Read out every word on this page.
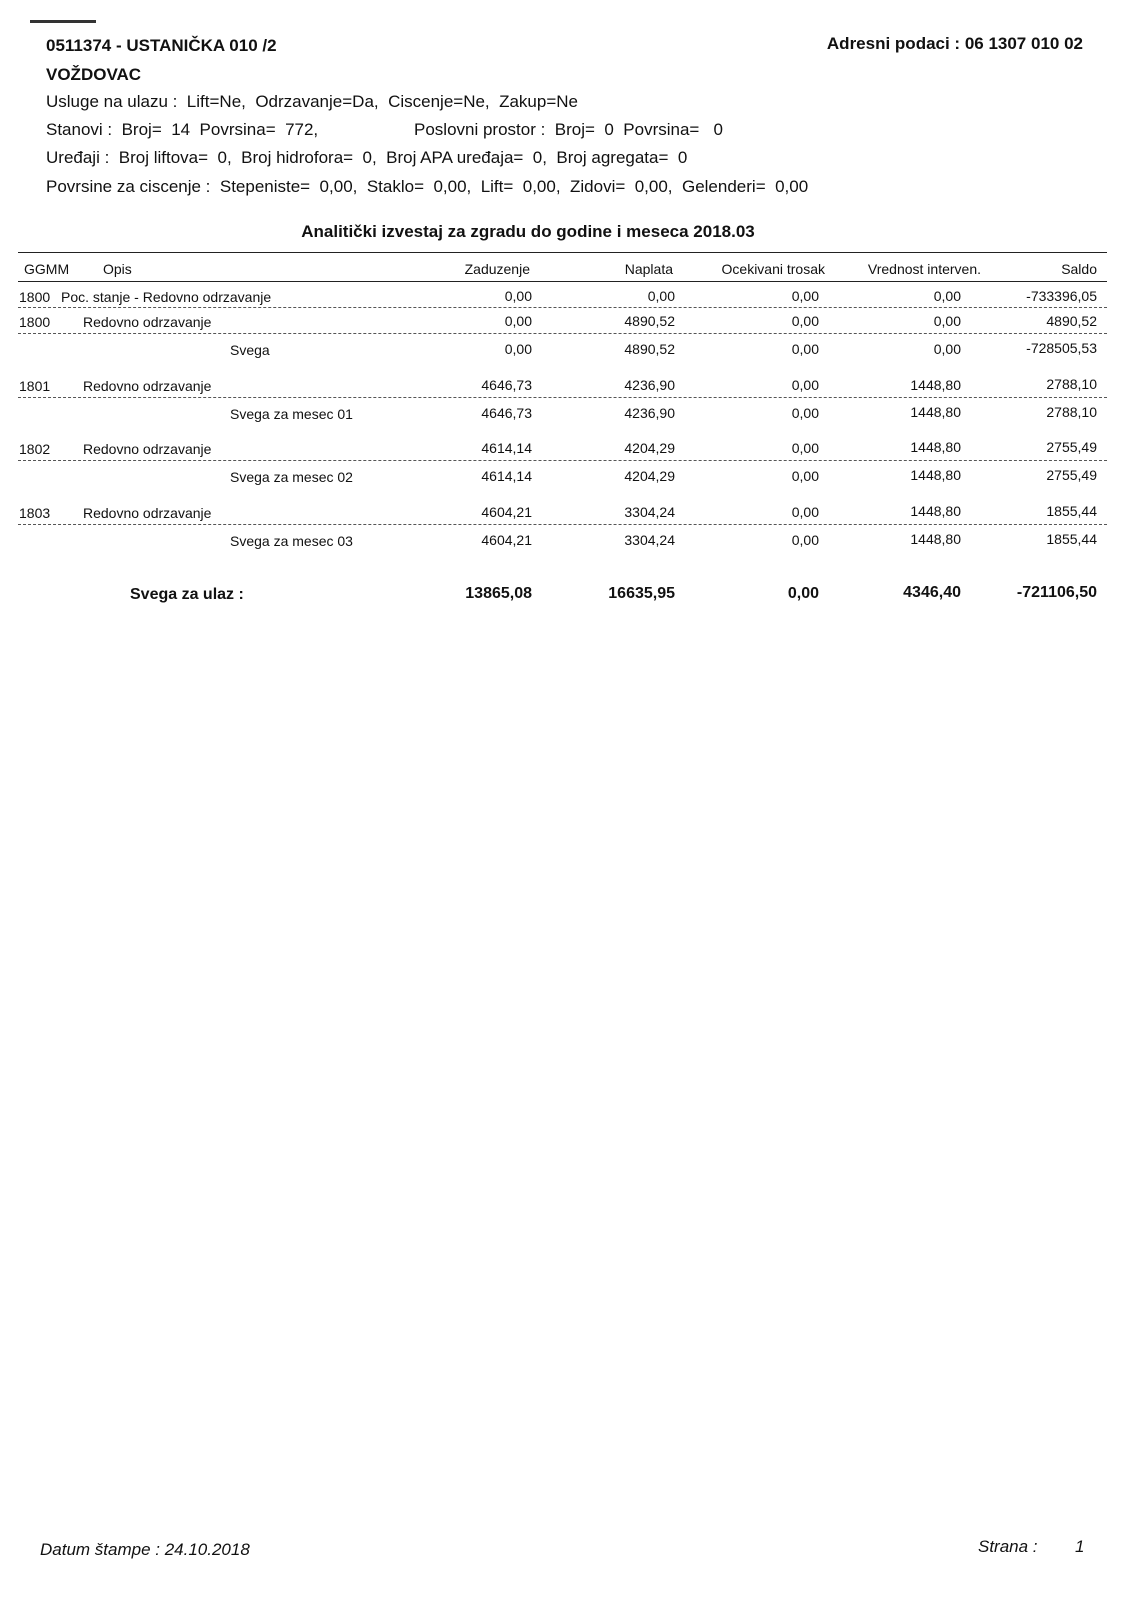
0511374 - USTANIČKA 010 /2	Adresni podaci : 06 1307 010 02
VOŽDOVAC
Usluge na ulazu :  Lift=Ne,  Odrzavanje=Da,  Ciscenje=Ne,  Zakup=Ne
Stanovi :  Broj=  14  Povrsina=  772,	Poslovni prostor :  Broj=  0  Povrsina=   0
Uređaji :  Broj liftova=  0,  Broj hidrofora=  0,  Broj APA uređaja=  0,  Broj agregata=  0
Povrsine za ciscenje :  Stepeniste=  0,00,  Staklo=  0,00,  Lift=  0,00,  Zidovi=  0,00,  Gelenderi=  0,00
Analitički izvestaj za zgradu do godine i meseca 2018.03
GGMM Opis	Zaduzenje	Naplata	Ocekivani trosak	Vrednost interven.	Saldo
1800 Poc. stanje - Redovno odrzavanje	0,00	0,00	0,00	0,00	-733396,05
1800 Redovno odrzavanje	0,00	4890,52	0,00	0,00	4890,52
Svega	0,00	4890,52	0,00	0,00	-728505,53
1801 Redovno odrzavanje	4646,73	4236,90	0,00	1448,80	2788,10
Svega za mesec 01	4646,73	4236,90	0,00	1448,80	2788,10
1802 Redovno odrzavanje	4614,14	4204,29	0,00	1448,80	2755,49
Svega za mesec 02	4614,14	4204,29	0,00	1448,80	2755,49
1803 Redovno odrzavanje	4604,21	3304,24	0,00	1448,80	1855,44
Svega za mesec 03	4604,21	3304,24	0,00	1448,80	1855,44
Svega za ulaz :	13865,08	16635,95	0,00	4346,40	-721106,50
Datum štampe : 24.10.2018	Strana : 1
